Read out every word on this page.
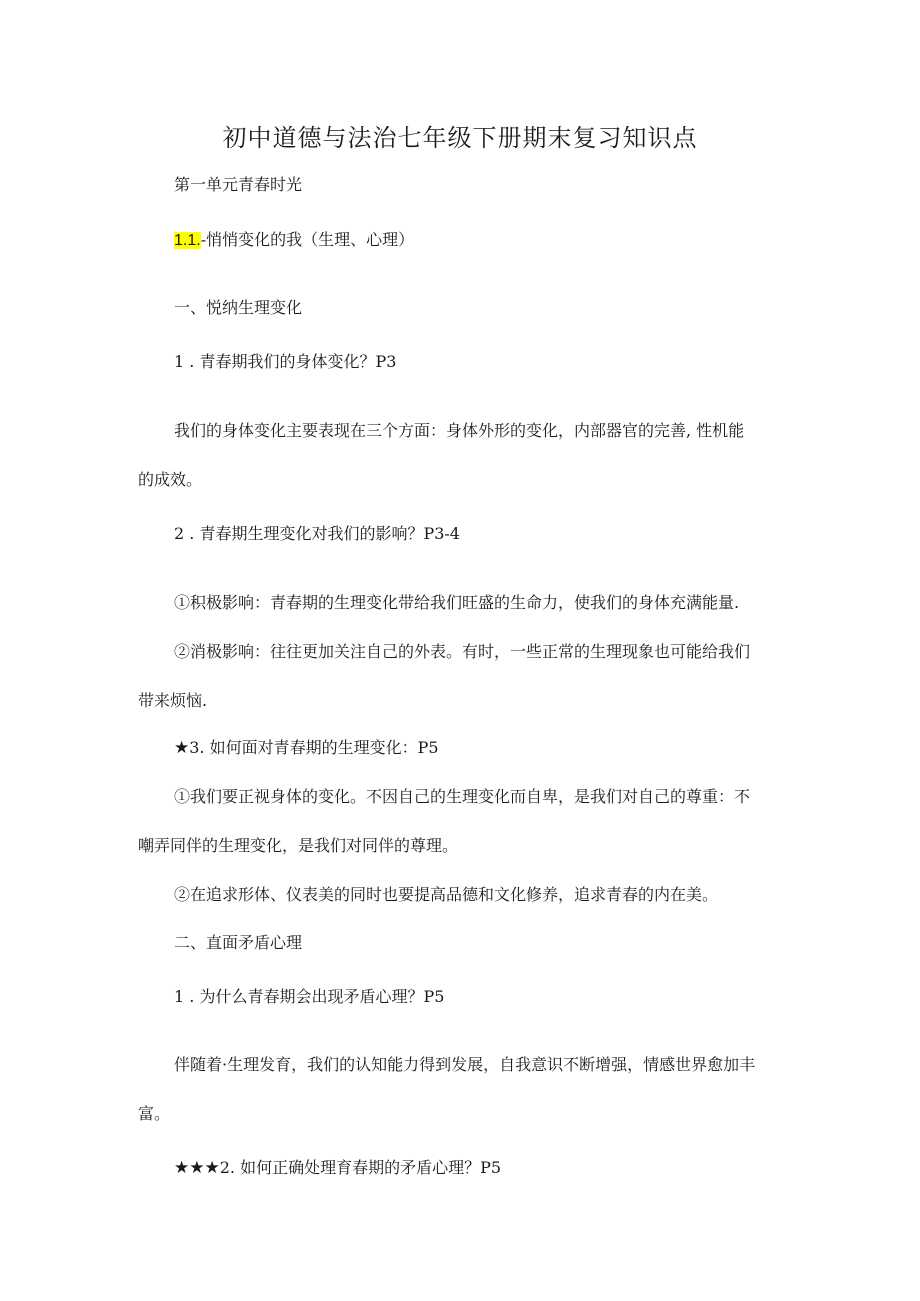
初中道德与法治七年级下册期末复习知识点
第一单元青春时光
1.1.-悄悄变化的我（生理、心理）
一、悦纳生理变化
1 . 青春期我们的身体变化？P3
我们的身体变化主要表现在三个方面：身体外形的变化，内部器官的完善, 性机能
的成效。
2 . 青春期生理变化对我们的影响？P3-4
①积极影响：青春期的生理变化带给我们旺盛的生命力，使我们的身体充满能量.
②消极影响：往往更加关注自己的外表。有时，一些正常的生理现象也可能给我们
带来烦恼.
★3. 如何面对青春期的生理变化：P5
①我们要正视身体的变化。不因自己的生理变化而自卑，是我们对自己的尊重：不
嘲弄同伴的生理变化，是我们对同伴的尊理。
②在追求形体、仪表美的同时也要提高品德和文化修养，追求青春的内在美。
二、直面矛盾心理
1 . 为什么青春期会出现矛盾心理？P5
伴随着·生理发育，我们的认知能力得到发展，自我意识不断增强，情感世界愈加丰
富。
★★★2. 如何正确处理育春期的矛盾心理？P5
